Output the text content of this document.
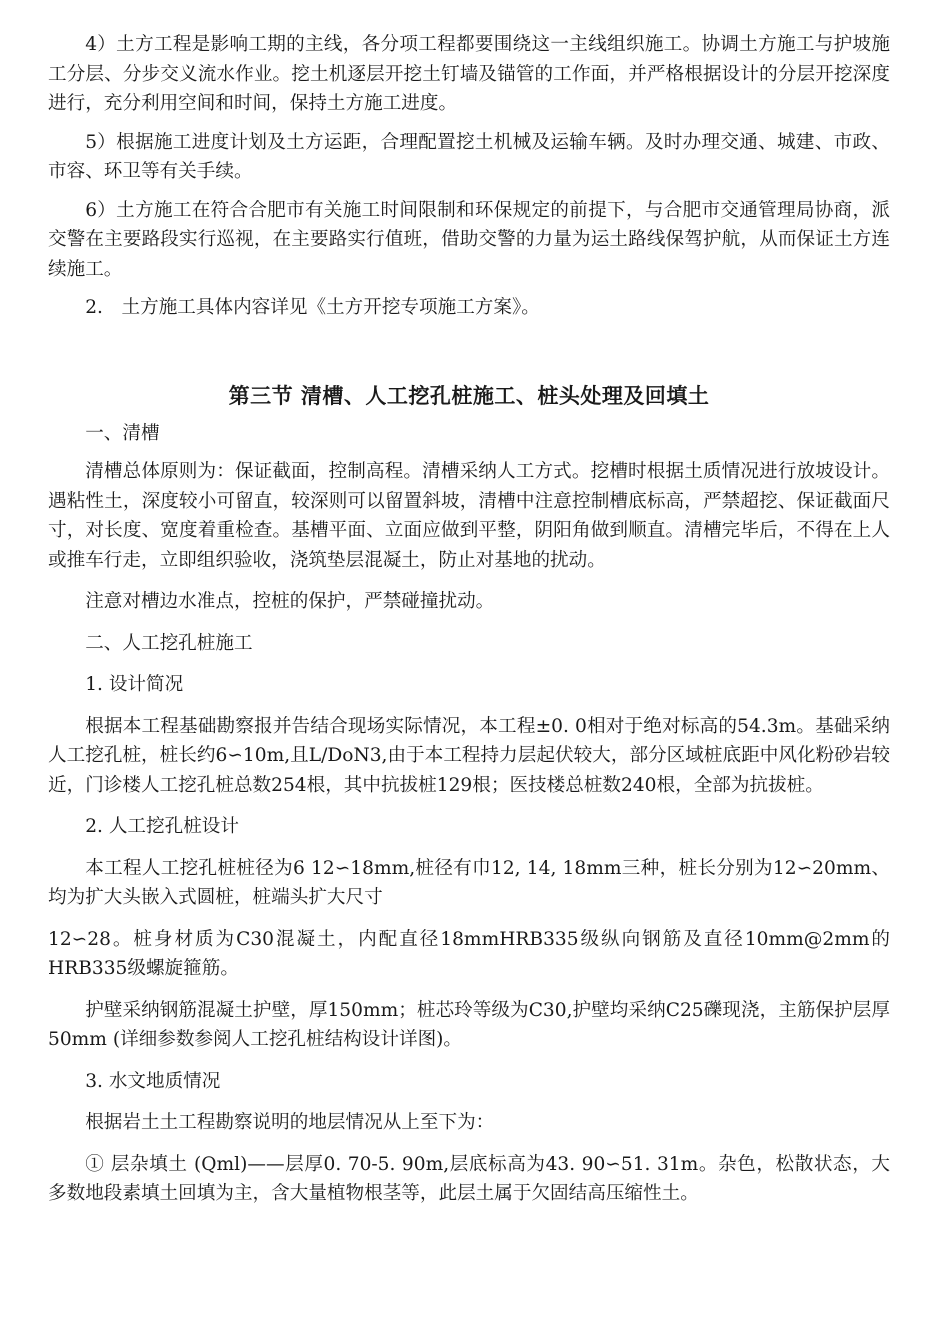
4）土方工程是影响工期的主线，各分项工程都要围绕这一主线组织施工。协调土方施工与护坡施工分层、分步交义流水作业。挖土机逐层开挖土钉墙及锚管的工作面，并严格根据设计的分层开挖深度进行，充分利用空间和时间，保持土方施工进度。

5）根据施工进度计划及土方运距，合理配置挖土机械及运输车辆。及时办理交通、城建、市政、市容、环卫等有关手续。

6）土方施工在符合合肥市有关施工时间限制和环保规定的前提下，与合肥市交通管理局协商，派交警在主要路段实行巡视，在主要路实行值班，借助交警的力量为运土路线保驾护航，从而保证土方连续施工。

2.　土方施工具体内容详见《土方开挖专项施工方案》。

第三节 清槽、人工挖孔桩施工、桩头处理及回填土

一、清槽

清槽总体原则为：保证截面，控制高程。清槽采纳人工方式。挖槽时根据土质情况进行放坡设计。遇粘性土，深度较小可留直，较深则可以留置斜坡，清槽中注意控制槽底标高，严禁超挖、保证截面尺寸，对长度、宽度着重检查。基槽平面、立面应做到平整，阴阳角做到顺直。清槽完毕后，不得在上人或推车行走，立即组织验收，浇筑垫层混凝土，防止对基地的扰动。

注意对槽边水准点，控桩的保护，严禁碰撞扰动。

二、人工挖孔桩施工

1. 设计简况

根据本工程基础勘察报并告结合现场实际情况，本工程±0. 0相对于绝对标高的54.3m。基础采纳人工挖孔桩，桩长约6∽10m,且L/DoN3,由于本工程持力层起伏较大，部分区域桩底距中风化粉砂岩较近，门诊楼人工挖孔桩总数254根，其中抗拔桩129根；医技楼总桩数240根，全部为抗拔桩。

2. 人工挖孔桩设计

本工程人工挖孔桩桩径为6 12∽18mm,桩径有巾12, 14, 18mm三种，桩长分别为12∽20mm、均为扩大头嵌入式圆桩，桩端头扩大尺寸

12∽28。桩身材质为C30混凝土，内配直径18mmHRB335级纵向钢筋及直径10mm@2mm的HRB335级螺旋箍筋。

护壁采纳钢筋混凝土护壁，厚150mm；桩芯玲等级为C30,护壁均采纳C25礫现浇，主筋保护层厚50mm (详细参数参阅人工挖孔桩结构设计详图)。

3. 水文地质情况

根据岩土土工程勘察说明的地层情况从上至下为：

① 层杂填土 (Qml)——层厚0. 70-5. 90m,层底标高为43. 90∽51. 31m。杂色，松散状态，大多数地段素填土回填为主，含大量植物根茎等，此层土属于欠固结高压缩性土。
